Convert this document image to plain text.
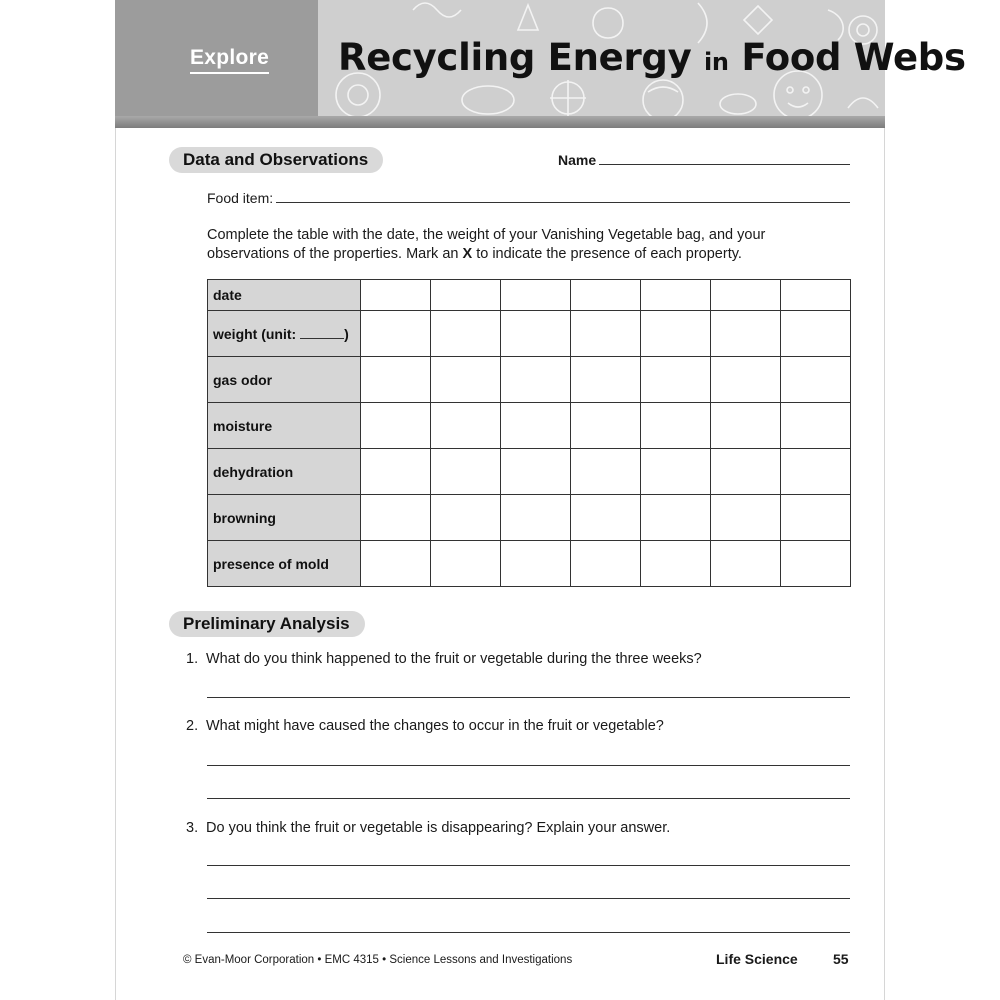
Explore Recycling Energy in Food Webs
Data and Observations	Name
Food item:
Complete the table with the date, the weight of your Vanishing Vegetable bag, and your observations of the properties. Mark an X to indicate the presence of each property.
date							
weight (unit: )							
gas odor							
moisture							
dehydration							
browning							
presence of mold							
Preliminary Analysis
1. What do you think happened to the fruit or vegetable during the three weeks?
2. What might have caused the changes to occur in the fruit or vegetable?
3. Do you think the fruit or vegetable is disappearing? Explain your answer.
© Evan-Moor Corporation • EMC 4315 • Science Lessons and Investigations	Life Science	55
